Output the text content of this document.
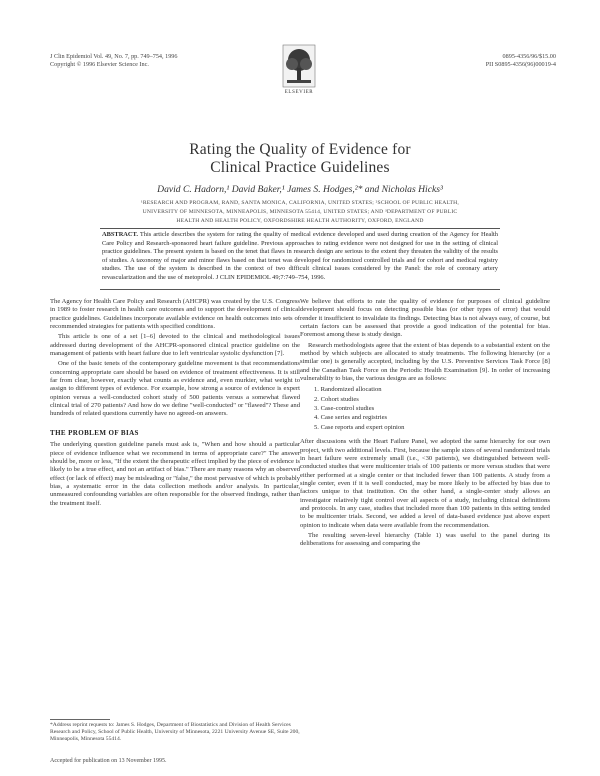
J Clin Epidemiol Vol. 49, No. 7, pp. 749–754, 1996
Copyright © 1996 Elsevier Science Inc.
ELSEVIER
0895-4356/96/$15.00
PII S0895-4356(96)00019-4
Rating the Quality of Evidence for
Clinical Practice Guidelines
David C. Hadorn,¹ David Baker,¹ James S. Hodges,²* and Nicholas Hicks³
¹RESEARCH AND PROGRAM, RAND, SANTA MONICA, CALIFORNIA, UNITED STATES; ²SCHOOL OF PUBLIC HEALTH,
UNIVERSITY OF MINNESOTA, MINNEAPOLIS, MINNESOTA 55414, UNITED STATES; AND ³DEPARTMENT OF PUBLIC
HEALTH AND HEALTH POLICY, OXFORDSHIRE HEALTH AUTHORITY, OXFORD, ENGLAND
ABSTRACT. This article describes the system for rating the quality of medical evidence developed and used during creation of the Agency for Health Care Policy and Research-sponsored heart failure guideline. Previous approaches to rating evidence were not designed for use in the setting of clinical practice guidelines. The present system is based on the tenet that flaws in research design are serious to the extent they threaten the validity of the results of studies. A taxonomy of major and minor flaws based on that tenet was developed for randomized controlled trials and for cohort and medical registry studies. The use of the system is described in the context of two difficult clinical issues considered by the Panel: the role of coronary artery revascularization and the use of metoprolol. J CLIN EPIDEMIOL 49;7:749–754, 1996.

The Agency for Health Care Policy and Research (AHCPR) was created by the U.S. Congress in 1989 to foster research in health care outcomes and to support the development of clinical practice guidelines. Guidelines incorporate available evidence on health outcomes into sets of recommended strategies for patients with specified conditions.

This article is one of a set [1–6] devoted to the clinical and methodological issues addressed during development of the AHCPR-sponsored clinical practice guideline on the management of patients with heart failure due to left ventricular systolic dysfunction [7].

One of the basic tenets of the contemporary guideline movement is that recommendations concerning appropriate care should be based on evidence of treatment effectiveness. It is still far from clear, however, exactly what counts as evidence and, even murkier, what weight to assign to different types of evidence. For example, how strong a source of evidence is expert opinion versus a well-conducted cohort study of 500 patients versus a somewhat flawed clinical trial of 270 patients? And how do we define "well-conducted" or "flawed"? These and hundreds of related questions currently have no agreed-on answers.

THE PROBLEM OF BIAS

The underlying question guideline panels must ask is, "When and how should a particular piece of evidence influence what we recommend in terms of appropriate care?" The answer should be, more or less, "If the extent the therapeutic effect implied by the piece of evidence is likely to be a true effect, and not an artifact of bias." There are many reasons why an observed effect (or lack of effect) may be misleading or "false," the most pervasive of which is probably bias, a systematic error in the data collection methods and/or analysis. In particular, unmeasured confounding variables are often responsible for the observed findings, rather than the treatment itself.

We believe that efforts to rate the quality of evidence for purposes of clinical guideline development should focus on detecting possible bias (or other types of error) that would render it insufficient to invalidate its findings. Detecting bias is not always easy, of course, but certain factors can be assessed that provide a good indication of the potential for bias. Foremost among these is study design.

Research methodologists agree that the extent of bias depends to a substantial extent on the method by which subjects are allocated to study treatments. The following hierarchy (or a similar one) is generally accepted, including by the U.S. Preventive Services Task Force [8] and the Canadian Task Force on the Periodic Health Examination [9]. In order of increasing vulnerability to bias, the various designs are as follows:

1. Randomized allocation
2. Cohort studies
3. Case-control studies
4. Case series and registries
5. Case reports and expert opinion

After discussions with the Heart Failure Panel, we adopted the same hierarchy for our own project, with two additional levels. First, because the sample sizes of several randomized trials in heart failure were extremely small (i.e., <30 patients), we distinguished between well-conducted studies that were multicenter trials of 100 patients or more versus studies that were either performed at a single center or that included fewer than 100 patients. A study from a single center, even if it is well conducted, may be more likely to be affected by bias due to factors unique to that institution. On the other hand, a single-center study allows an investigator relatively tight control over all aspects of a study, including clinical definitions and protocols. In any case, studies that included more than 100 patients in this setting tended to be multicenter trials. Second, we added a level of data-based evidence just above expert opinion to indicate when data were available from the recommendation.

The resulting seven-level hierarchy (Table 1) was useful to the panel during its deliberations for assessing and comparing the

*Address reprint requests to: James S. Hodges, Department of Biostatistics and Division of Health Services Research and Policy, School of Public Health, University of Minnesota, 2221 University Avenue SE, Suite 200, Minneapolis, Minnesota 55414.
Accepted for publication on 13 November 1995.
